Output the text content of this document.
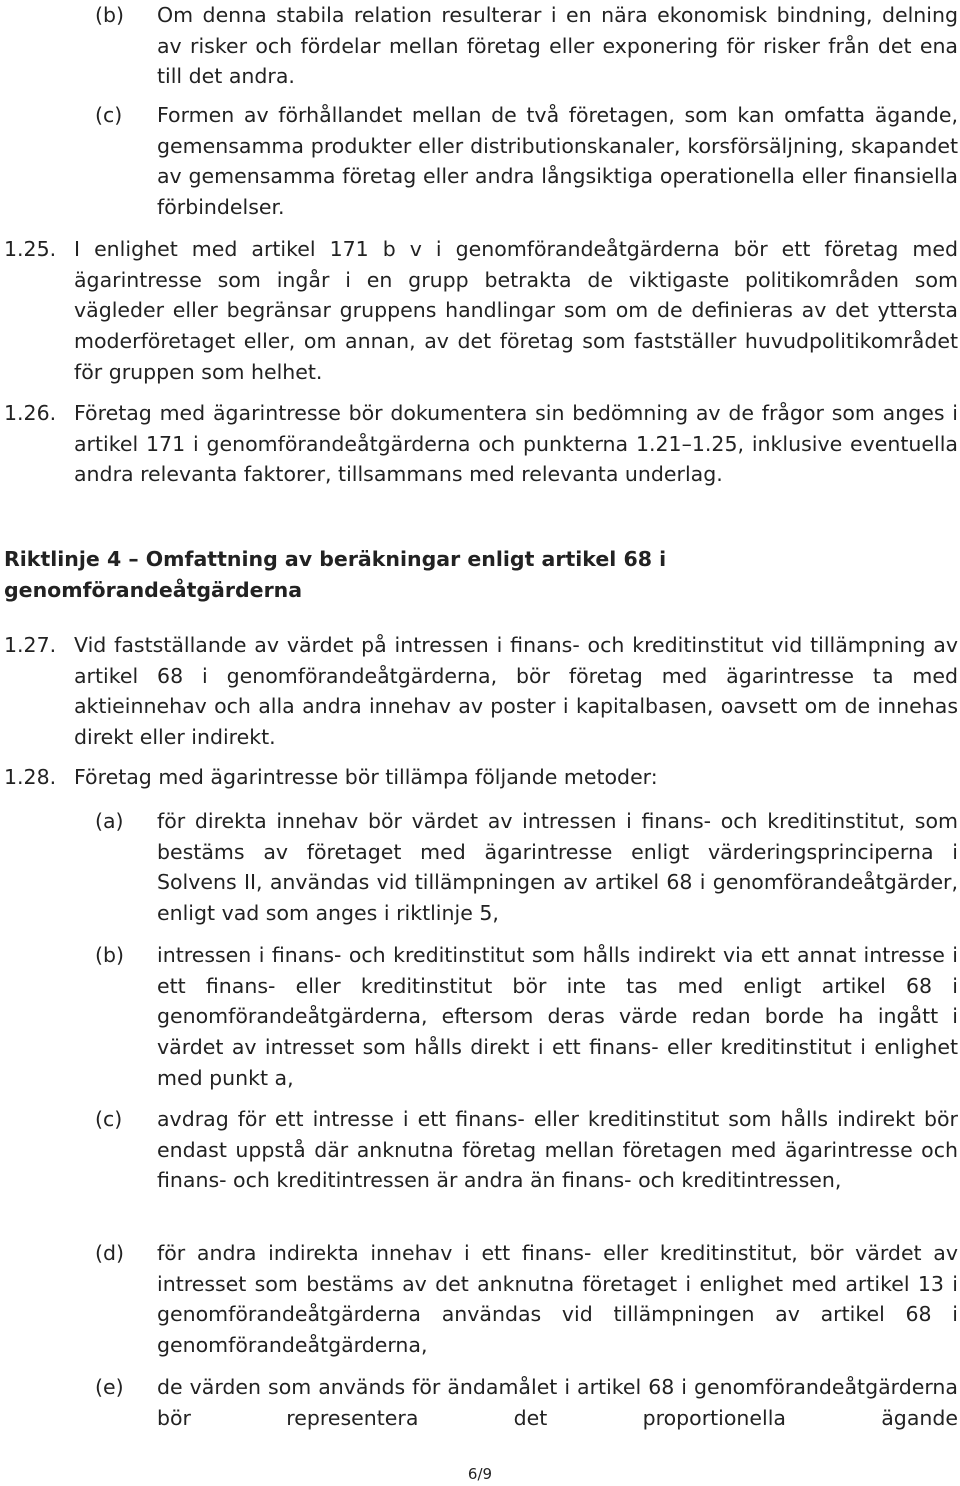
(b) Om denna stabila relation resulterar i en nära ekonomisk bindning, delning av risker och fördelar mellan företag eller exponering för risker från det ena till det andra.
(c) Formen av förhållandet mellan de två företagen, som kan omfatta ägande, gemensamma produkter eller distributionskanaler, korsförsäljning, skapandet av gemensamma företag eller andra långsiktiga operationella eller finansiella förbindelser.
1.25. I enlighet med artikel 171 b v i genomförandeåtgärderna bör ett företag med ägarintresse som ingår i en grupp betrakta de viktigaste politikområden som vägleder eller begränsar gruppens handlingar som om de definieras av det yttersta moderföretaget eller, om annan, av det företag som fastställer huvudpolitikområdet för gruppen som helhet.
1.26. Företag med ägarintresse bör dokumentera sin bedömning av de frågor som anges i artikel 171 i genomförandeåtgärderna och punkterna 1.21–1.25, inklusive eventuella andra relevanta faktorer, tillsammans med relevanta underlag.
Riktlinje 4 – Omfattning av beräkningar enligt artikel 68 i genomförandeåtgärderna
1.27. Vid fastställande av värdet på intressen i finans- och kreditinstitut vid tillämpning av artikel 68 i genomförandeåtgärderna, bör företag med ägarintresse ta med aktieinnehav och alla andra innehav av poster i kapitalbasen, oavsett om de innehas direkt eller indirekt.
1.28. Företag med ägarintresse bör tillämpa följande metoder:
(a) för direkta innehav bör värdet av intressen i finans- och kreditinstitut, som bestäms av företaget med ägarintresse enligt värderingsprinciperna i Solvens II, användas vid tillämpningen av artikel 68 i genomförandeåtgärder, enligt vad som anges i riktlinje 5,
(b) intressen i finans- och kreditinstitut som hålls indirekt via ett annat intresse i ett finans- eller kreditinstitut bör inte tas med enligt artikel 68 i genomförandeåtgärderna, eftersom deras värde redan borde ha ingått i värdet av intresset som hålls direkt i ett finans- eller kreditinstitut i enlighet med punkt a,
(c) avdrag för ett intresse i ett finans- eller kreditinstitut som hålls indirekt bör endast uppstå där anknutna företag mellan företagen med ägarintresse och finans- och kreditintressen är andra än finans- och kreditintressen,
(d) för andra indirekta innehav i ett finans- eller kreditinstitut, bör värdet av intresset som bestäms av det anknutna företaget i enlighet med artikel 13 i genomförandeåtgärderna användas vid tillämpningen av artikel 68 i genomförandeåtgärderna,
(e) de värden som används för ändamålet i artikel 68 i genomförandeåtgärderna bör representera det proportionella ägande
6/9
